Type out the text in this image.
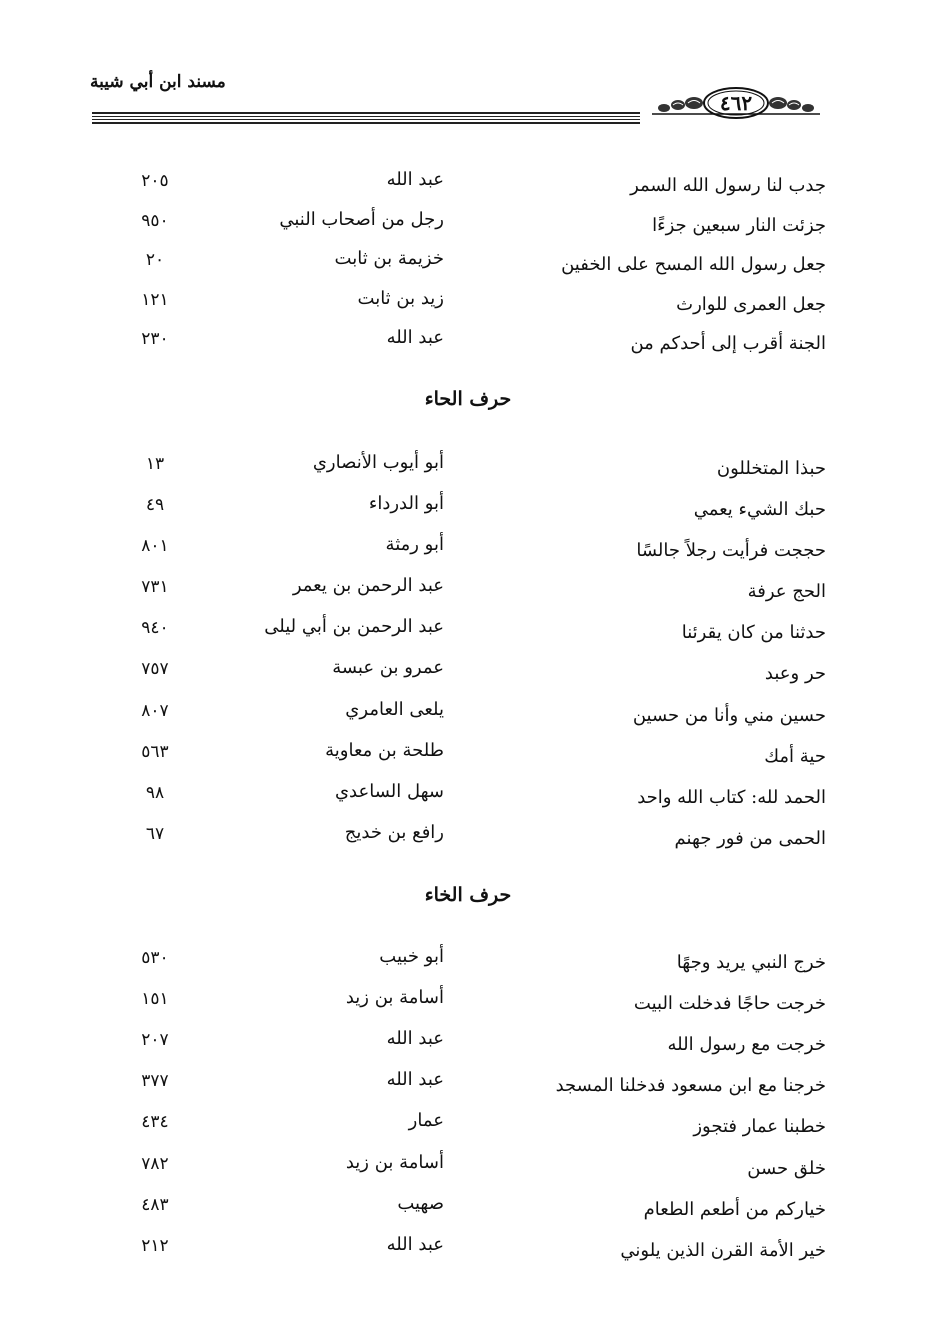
مسند ابن أبي شيبة
٤٦٢
جدب لنا رسول الله السمر
عبد الله
٢٠٥
جزئت النار سبعين جزءًا
رجل من أصحاب النبي
٩٥٠
جعل رسول الله المسح على الخفين
خزيمة بن ثابت
٢٠
جعل العمرى للوارث
زيد بن ثابت
١٢١
الجنة أقرب إلى أحدكم من
عبد الله
٢٣٠
حرف الحاء
حبذا المتخللون
أبو أيوب الأنصاري
١٣
حبك الشيء يعمي
أبو الدرداء
٤٩
حججت فرأيت رجلاً جالسًا
أبو رمثة
٨٠١
الحج عرفة
عبد الرحمن بن يعمر
٧٣١
حدثنا من كان يقرئنا
عبد الرحمن بن أبي ليلى
٩٤٠
حر وعبد
عمرو بن عبسة
٧٥٧
حسين مني وأنا من حسين
يلعى العامري
٨٠٧
حية أمك
طلحة بن معاوية
٥٦٣
الحمد لله: كتاب الله واحد
سهل الساعدي
٩٨
الحمى من فور جهنم
رافع بن خديج
٦٧
حرف الخاء
خرج النبي يريد وجهًا
أبو خبيب
٥٣٠
خرجت حاجًا فدخلت البيت
أسامة بن زيد
١٥١
خرجت مع رسول الله
عبد الله
٢٠٧
خرجنا مع ابن مسعود فدخلنا المسجد
عبد الله
٣٧٧
خطبنا عمار فتجوز
عمار
٤٣٤
خلق حسن
أسامة بن زيد
٧٨٢
خياركم من أطعم الطعام
صهيب
٤٨٣
خير الأمة القرن الذين يلوني
عبد الله
٢١٢
